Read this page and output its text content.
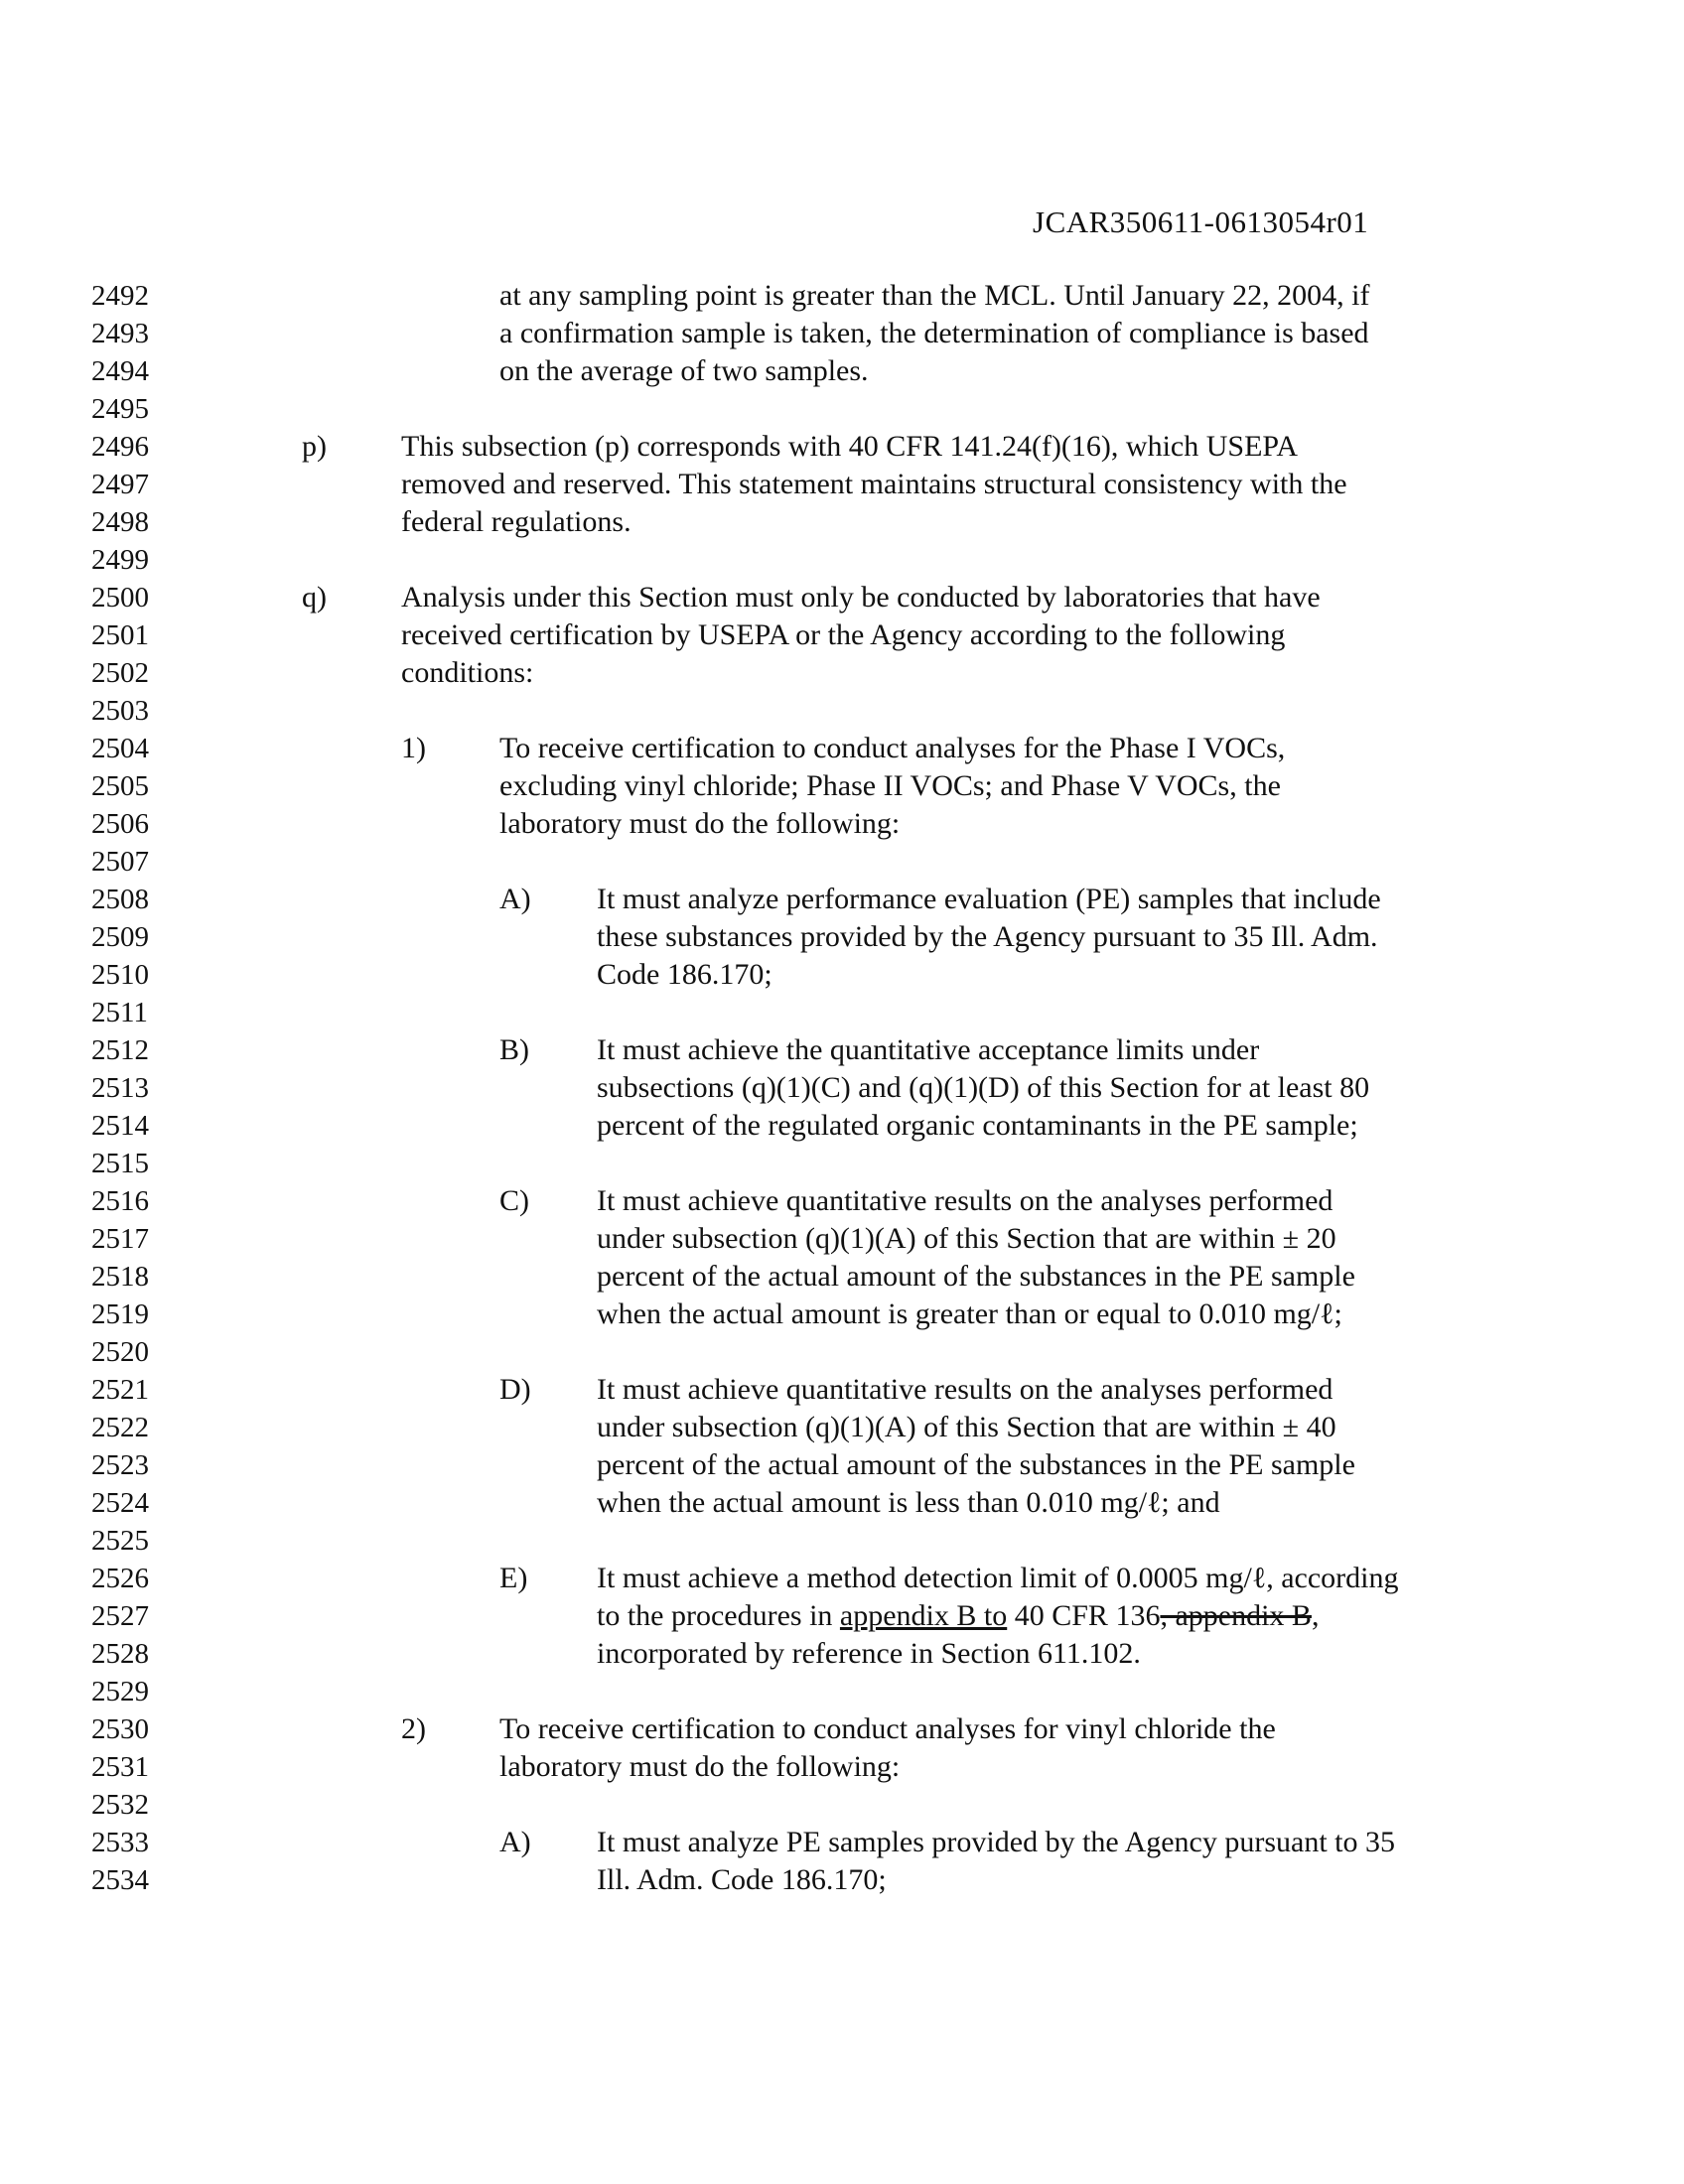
JCAR350611-0613054r01
2492
2493
2494
2495
2496
2497
2498
2499
2500
2501
2502
2503
2504
2505
2506
2507
2508
2509
2510
2511
2512
2513
2514
2515
2516
2517
2518
2519
2520
2521
2522
2523
2524
2525
2526
2527
2528
2529
2530
2531
2532
2533
2534
at any sampling point is greater than the MCL. Until January 22, 2004, if
a confirmation sample is taken, the determination of compliance is based
on the average of two samples.
p)	This subsection (p) corresponds with 40 CFR 141.24(f)(16), which USEPA
removed and reserved. This statement maintains structural consistency with the
federal regulations.
q)	Analysis under this Section must only be conducted by laboratories that have
received certification by USEPA or the Agency according to the following
conditions:
1) To receive certification to conduct analyses for the Phase I VOCs,
excluding vinyl chloride; Phase II VOCs; and Phase V VOCs, the
laboratory must do the following:
A) It must analyze performance evaluation (PE) samples that include
these substances provided by the Agency pursuant to 35 Ill. Adm.
Code 186.170;
B) It must achieve the quantitative acceptance limits under
subsections (q)(1)(C) and (q)(1)(D) of this Section for at least 80
percent of the regulated organic contaminants in the PE sample;
C) It must achieve quantitative results on the analyses performed
under subsection (q)(1)(A) of this Section that are within ± 20
percent of the actual amount of the substances in the PE sample
when the actual amount is greater than or equal to 0.010 mg/ℓ;
D) It must achieve quantitative results on the analyses performed
under subsection (q)(1)(A) of this Section that are within ± 40
percent of the actual amount of the substances in the PE sample
when the actual amount is less than 0.010 mg/ℓ; and
E) It must achieve a method detection limit of 0.0005 mg/ℓ, according
to the procedures in appendix B to 40 CFR 136, appendix B,
incorporated by reference in Section 611.102.
2) To receive certification to conduct analyses for vinyl chloride the
laboratory must do the following:
A) It must analyze PE samples provided by the Agency pursuant to 35
Ill. Adm. Code 186.170;
